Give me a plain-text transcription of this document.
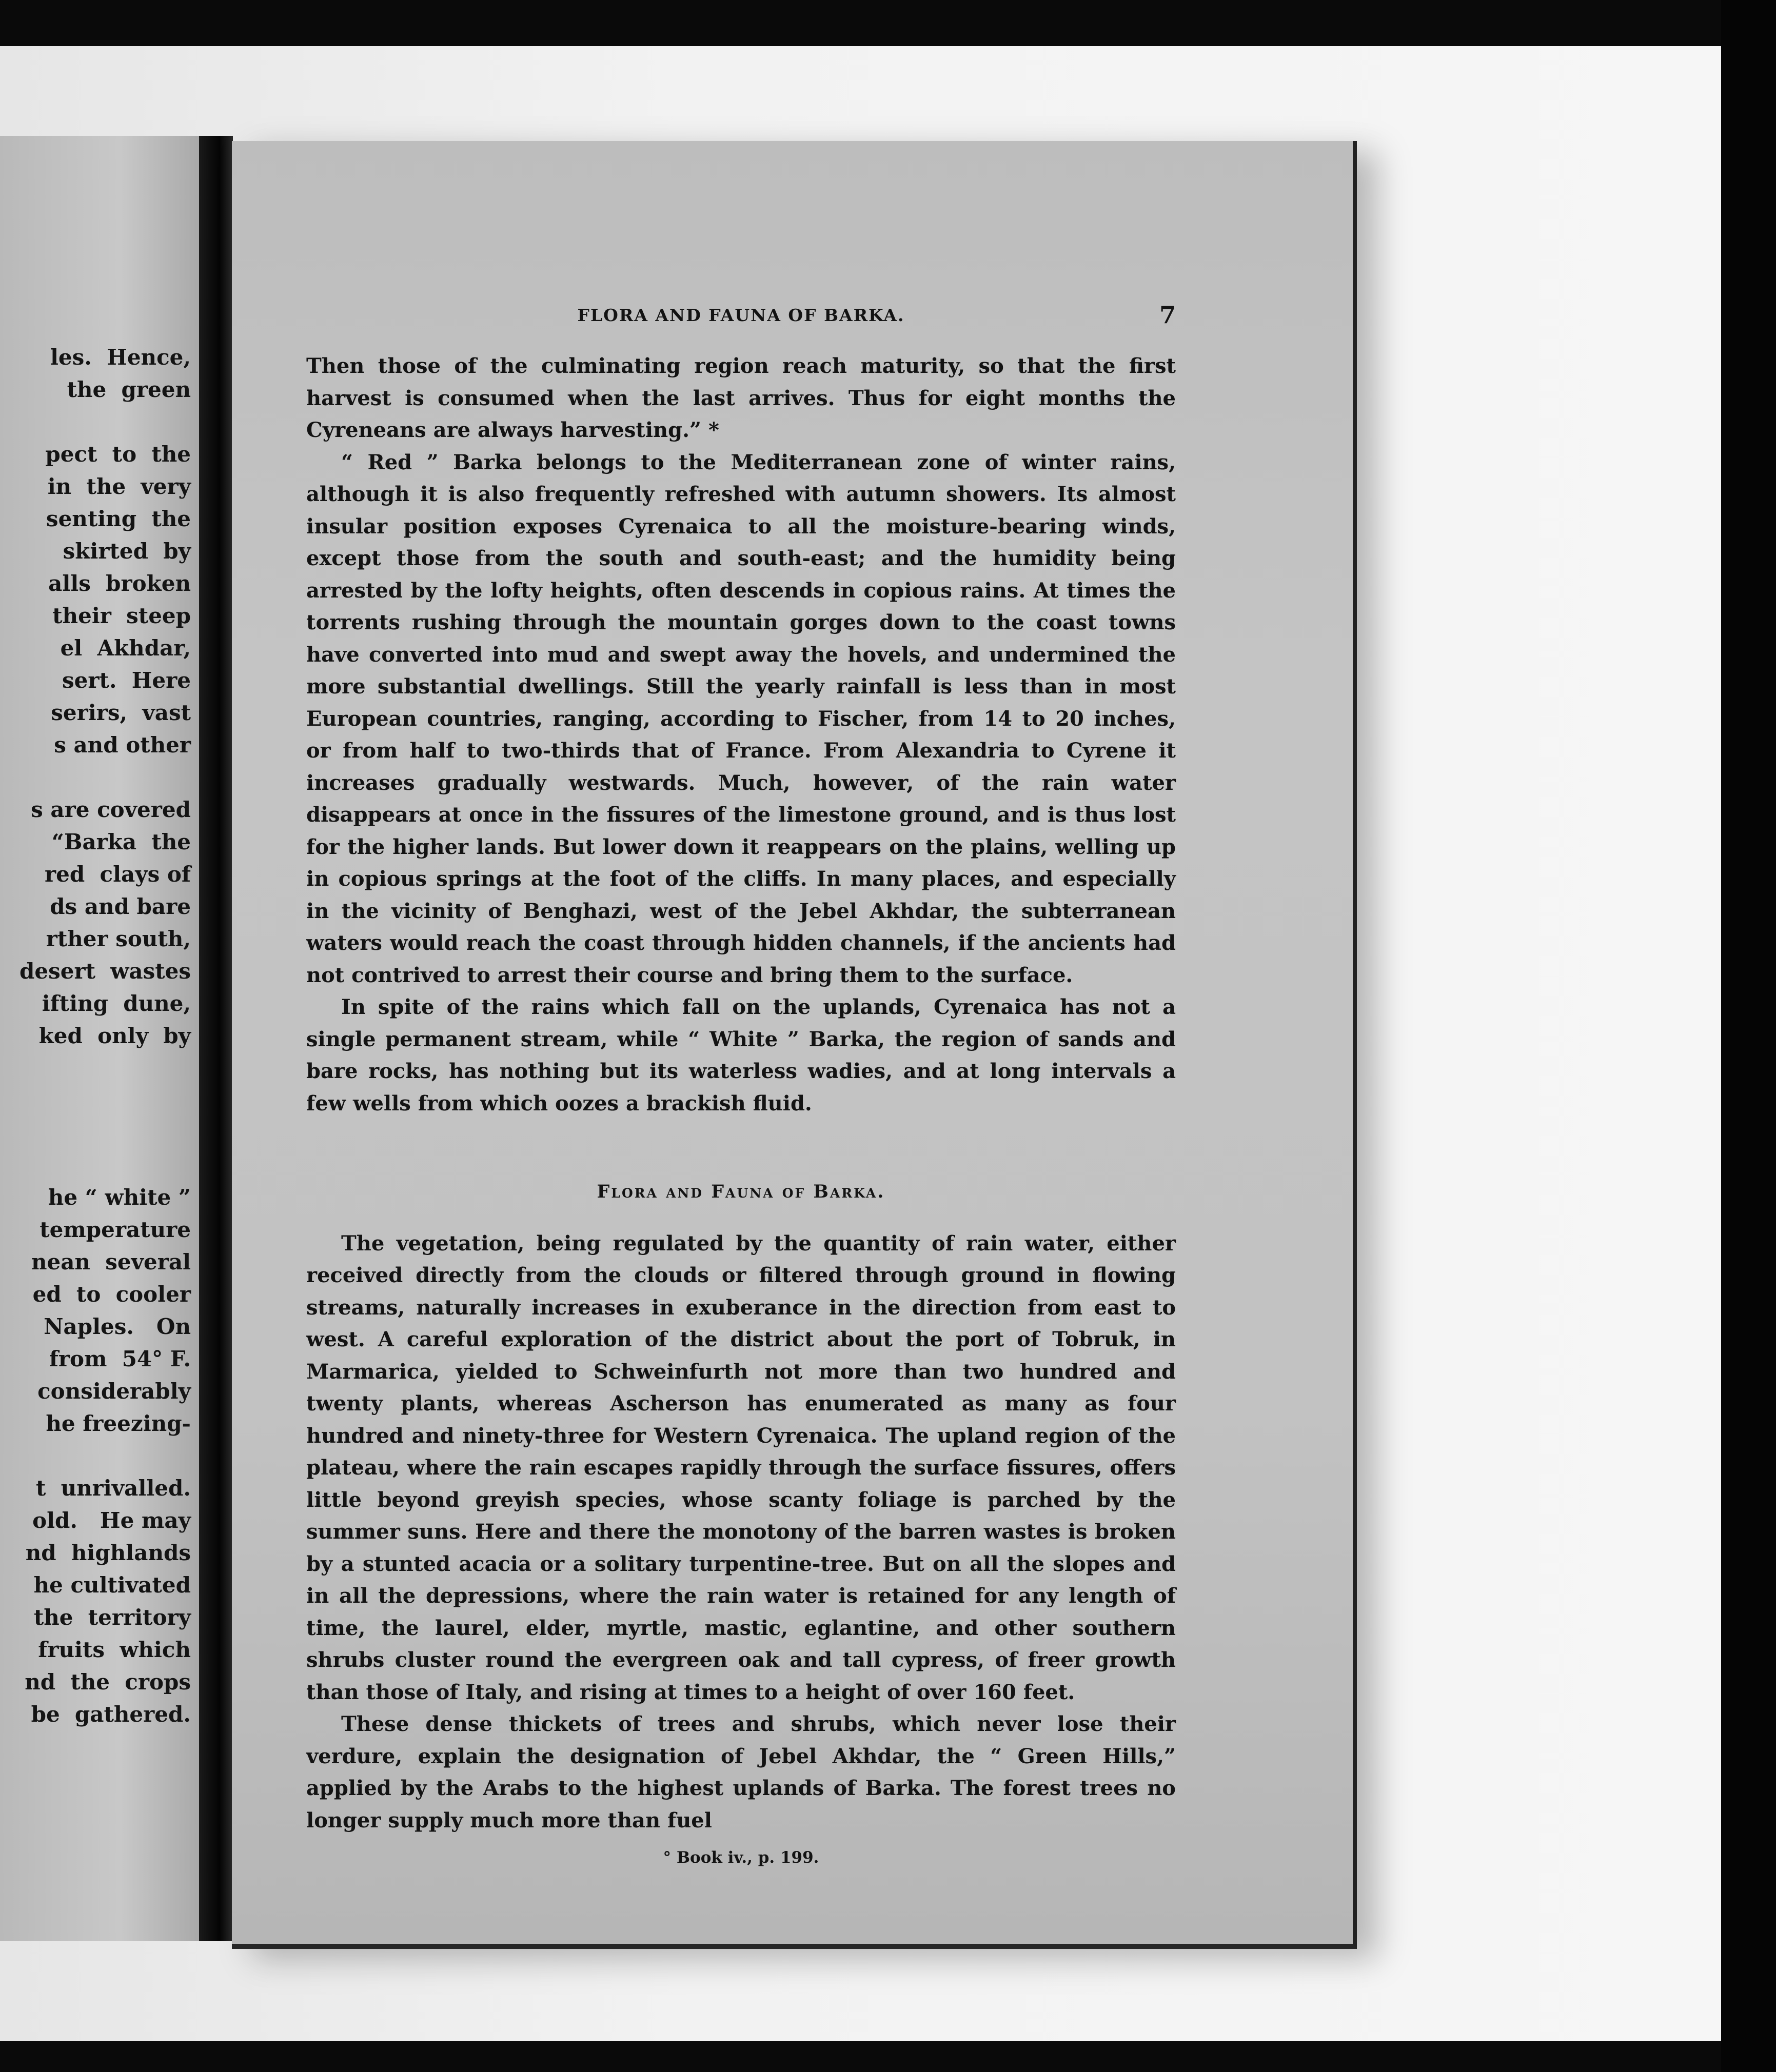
les.  Hence,
the  green

pect  to  the
in  the  very
senting  the
skirted  by
alls  broken
their  steep
el  Akhdar,
sert.  Here
serirs,  vast
s and other

s are covered
“Barka  the
red  clays of
ds and bare
rther south,
desert  wastes
ifting  dune,
ked  only  by

he “ white ”
temperature
nean  several
ed  to  cooler
Naples.   On
from  54° F.
considerably
he freezing-

t  unrivalled.
old.   He may
nd  highlands
he cultivated
the  territory
fruits  which
nd  the  crops
be  gathered.
FLORA AND FAUNA OF BARKA.	7

Then those of the culminating region reach maturity, so that the first harvest is consumed when the last arrives. Thus for eight months the Cyreneans are always harvesting.” *

“ Red ” Barka belongs to the Mediterranean zone of winter rains, although it is also frequently refreshed with autumn showers. Its almost insular position exposes Cyrenaica to all the moisture-bearing winds, except those from the south and south-east; and the humidity being arrested by the lofty heights, often descends in copious rains. At times the torrents rushing through the mountain gorges down to the coast towns have converted into mud and swept away the hovels, and undermined the more substantial dwellings. Still the yearly rainfall is less than in most European countries, ranging, according to Fischer, from 14 to 20 inches, or from half to two-thirds that of France. From Alexandria to Cyrene it increases gradually westwards. Much, however, of the rain water disappears at once in the fissures of the limestone ground, and is thus lost for the higher lands. But lower down it reappears on the plains, welling up in copious springs at the foot of the cliffs. In many places, and especially in the vicinity of Benghazi, west of the Jebel Akhdar, the subterranean waters would reach the coast through hidden channels, if the ancients had not contrived to arrest their course and bring them to the surface.

In spite of the rains which fall on the uplands, Cyrenaica has not a single permanent stream, while “ White ” Barka, the region of sands and bare rocks, has nothing but its waterless wadies, and at long intervals a few wells from which oozes a brackish fluid.

Flora and Fauna of Barka.

The vegetation, being regulated by the quantity of rain water, either received directly from the clouds or filtered through ground in flowing streams, naturally increases in exuberance in the direction from east to west. A careful exploration of the district about the port of Tobruk, in Marmarica, yielded to Schweinfurth not more than two hundred and twenty plants, whereas Ascherson has enumerated as many as four hundred and ninety-three for Western Cyrenaica. The upland region of the plateau, where the rain escapes rapidly through the surface fissures, offers little beyond greyish species, whose scanty foliage is parched by the summer suns. Here and there the monotony of the barren wastes is broken by a stunted acacia or a solitary turpentine-tree. But on all the slopes and in all the depressions, where the rain water is retained for any length of time, the laurel, elder, myrtle, mastic, eglantine, and other southern shrubs cluster round the evergreen oak and tall cypress, of freer growth than those of Italy, and rising at times to a height of over 160 feet.

These dense thickets of trees and shrubs, which never lose their verdure, explain the designation of Jebel Akhdar, the “ Green Hills,” applied by the Arabs to the highest uplands of Barka. The forest trees no longer supply much more than fuel

° Book iv., p. 199.
